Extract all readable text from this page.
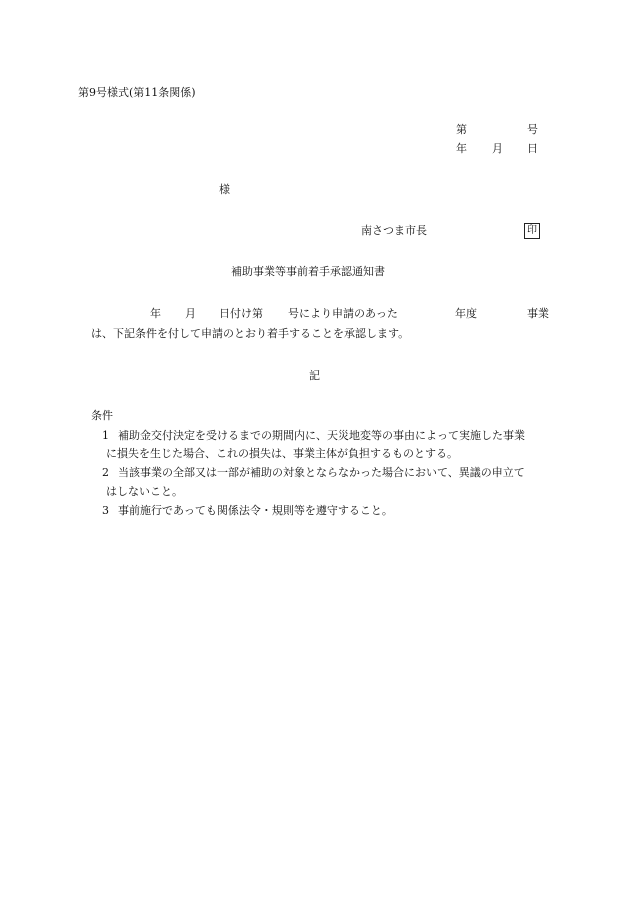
第9号様式(第11条関係)
第	号
年 月 日
様
南さつま市長	印
補助事業等事前着手承認通知書
年 月 日付け第 号により申請のあった	年度	事業
は、下記条件を付して申請のとおり着手することを承認します。
記
条件
1 補助金交付決定を受けるまでの期間内に、天災地変等の事由によって実施した事業
に損失を生じた場合、これの損失は、事業主体が負担するものとする。
2 当該事業の全部又は一部が補助の対象とならなかった場合において、異議の申立て
はしないこと。
3 事前施行であっても関係法令・規則等を遵守すること。
